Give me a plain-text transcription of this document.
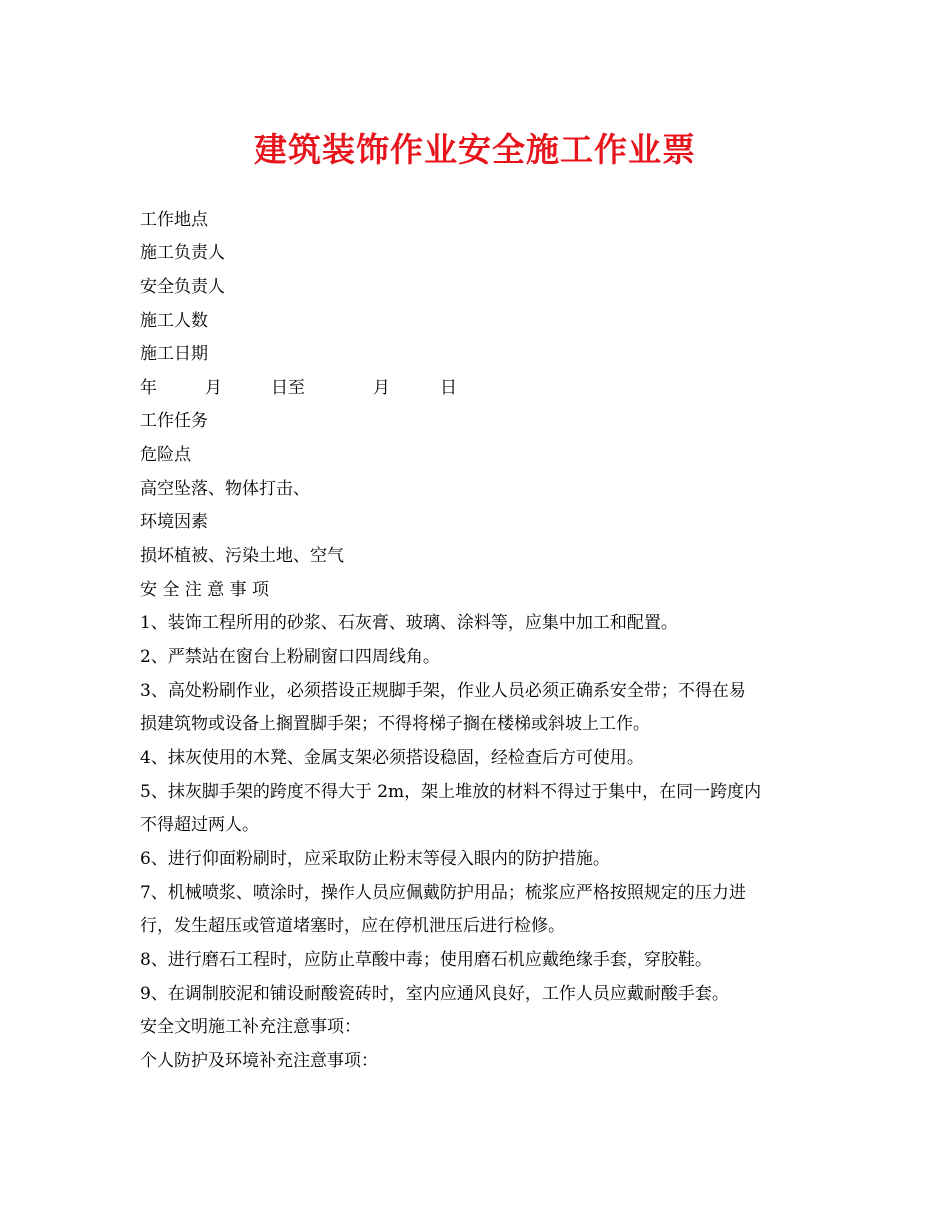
建筑装饰作业安全施工作业票
工作地点
施工负责人
安全负责人
施工人数
施工日期
年	月	日至	月	日
工作任务
危险点
高空坠落、物体打击、
环境因素
损坏植被、污染土地、空气
安 全 注 意 事 项
1、装饰工程所用的砂浆、石灰膏、玻璃、涂料等，应集中加工和配置。
2、严禁站在窗台上粉刷窗口四周线角。
3、高处粉刷作业，必须搭设正规脚手架，作业人员必须正确系安全带；不得在易
损建筑物或设备上搁置脚手架；不得将梯子搁在楼梯或斜坡上工作。
4、抹灰使用的木凳、金属支架必须搭设稳固，经检查后方可使用。
5、抹灰脚手架的跨度不得大于 2m，架上堆放的材料不得过于集中，在同一跨度内
不得超过两人。
6、进行仰面粉刷时，应采取防止粉末等侵入眼内的防护措施。
7、机械喷浆、喷涂时，操作人员应佩戴防护用品；梳浆应严格按照规定的压力进
行，发生超压或管道堵塞时，应在停机泄压后进行检修。
8、进行磨石工程时，应防止草酸中毒；使用磨石机应戴绝缘手套，穿胶鞋。
9、在调制胶泥和铺设耐酸瓷砖时，室内应通风良好，工作人员应戴耐酸手套。
安全文明施工补充注意事项：
个人防护及环境补充注意事项：
